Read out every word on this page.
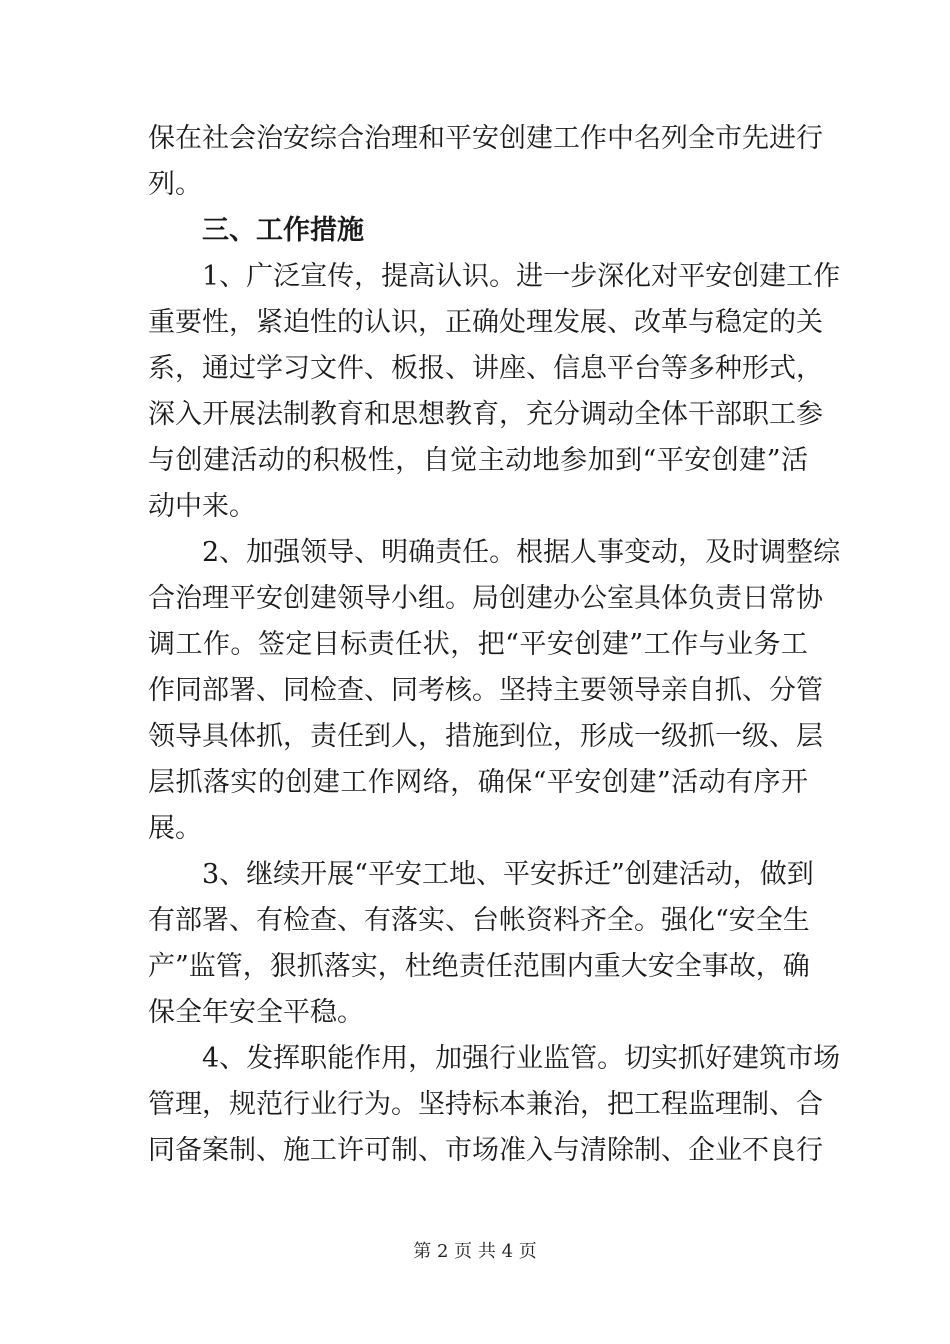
保在社会治安综合治理和平安创建工作中名列全市先进行
列。
三、工作措施
1、广泛宣传，提高认识。进一步深化对平安创建工作
重要性，紧迫性的认识，正确处理发展、改革与稳定的关
系，通过学习文件、板报、讲座、信息平台等多种形式，
深入开展法制教育和思想教育，充分调动全体干部职工参
与创建活动的积极性，自觉主动地参加到“平安创建”活
动中来。
2、加强领导、明确责任。根据人事变动，及时调整综
合治理平安创建领导小组。局创建办公室具体负责日常协
调工作。签定目标责任状，把“平安创建”工作与业务工
作同部署、同检查、同考核。坚持主要领导亲自抓、分管
领导具体抓，责任到人，措施到位，形成一级抓一级、层
层抓落实的创建工作网络，确保“平安创建”活动有序开
展。
3、继续开展“平安工地、平安拆迁”创建活动，做到
有部署、有检查、有落实、台帐资料齐全。强化“安全生
产”监管，狠抓落实，杜绝责任范围内重大安全事故，确
保全年安全平稳。
4、发挥职能作用，加强行业监管。切实抓好建筑市场
管理，规范行业行为。坚持标本兼治，把工程监理制、合
同备案制、施工许可制、市场准入与清除制、企业不良行
第 2 页 共 4 页
